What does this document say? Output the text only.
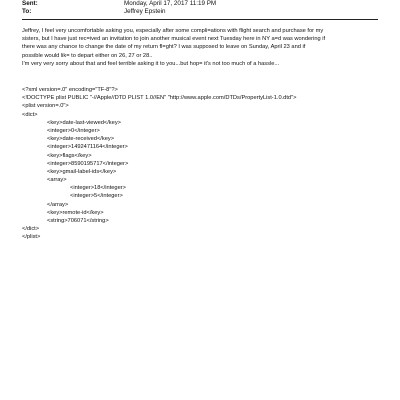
Sent:	Monday, April 17, 2017 11:19 PM
To:	Jeffrey Epstein

Jeffrey, I feel very uncomfortable asking you, especially after some compli=ations with flight search and purchase for my
sisters, but I have just rec=ived an invitation to join another musical event next Tuesday here in NY a=d was wondering if
there was any chance to change the date of my return fl=ght? I was supposed to leave on Sunday, April 23 and if
possible would lik= to depart either on 26, 27 or 28..

I'm very very sorry about that and feel terrible asking it to you...but hop= it's not too much of a hassle...

<?xml version=.0" encoding="TF-8"?>
<!DOCTYPE plist PUBLIC "-//Apple//DTD PLIST 1.0//EN" "http://www.apple.com/DTDs/PropertyList-1.0.dtd">
<plist version=.0">
<dict>
<key>date-last-viewed</key>
<integer>0</integer>
<key>date-received</key>
<integer>1492471164</integer>
<key>flags</key>
<integer>8590195717</integer>
<key>gmail-label-ids</key>
<array>
<integer>18</integer>
<integer>5</integer>
</array>
<key>remote-id</key>
<string>706071</string>
</dict>
</plist>
